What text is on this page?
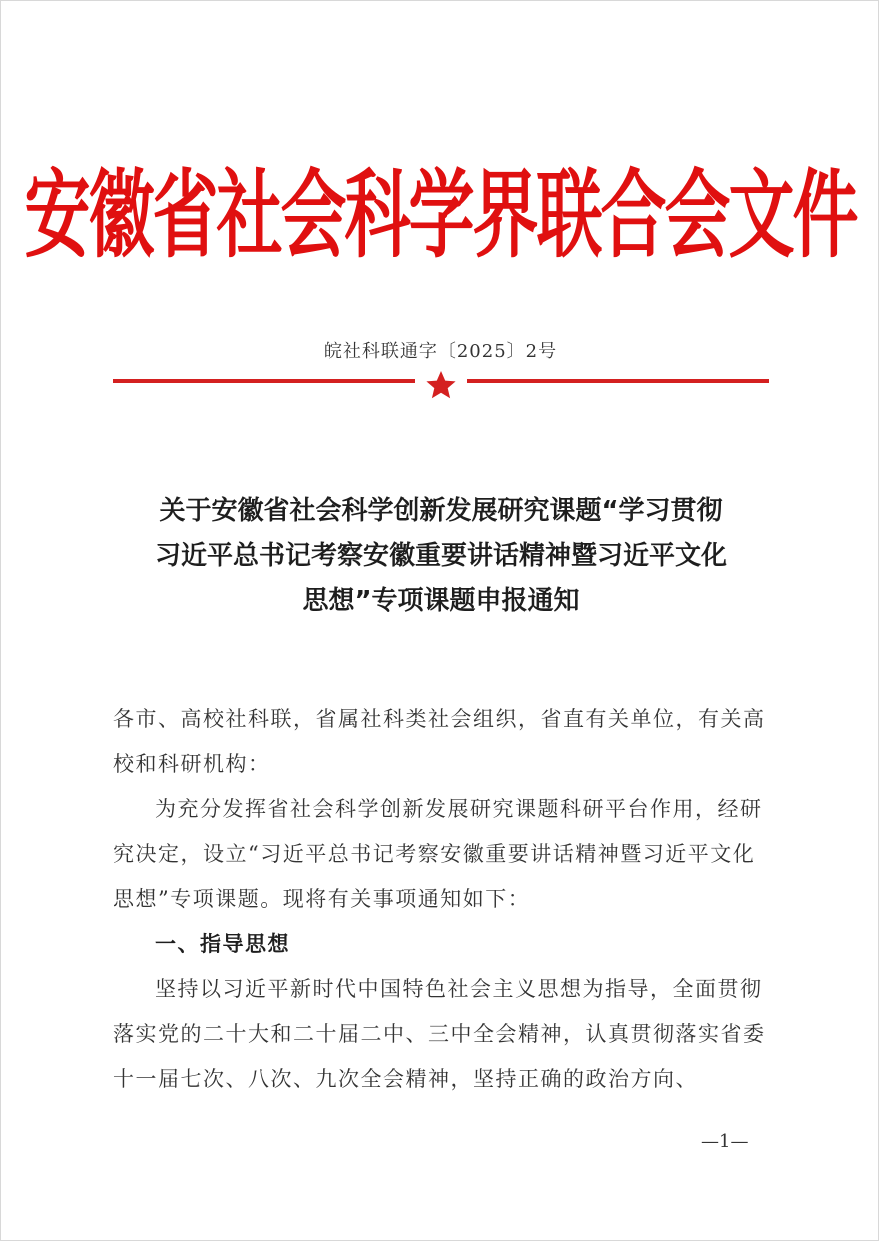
安徽省社会科学界联合会文件
皖社科联通字〔2025〕2号
关于安徽省社会科学创新发展研究课题“学习贯彻
习近平总书记考察安徽重要讲话精神暨习近平文化
思想”专项课题申报通知

各市、高校社科联，省属社科类社会组织，省直有关单位，有关高校和科研机构：

为充分发挥省社会科学创新发展研究课题科研平台作用，经研究决定，设立“习近平总书记考察安徽重要讲话精神暨习近平文化思想”专项课题。现将有关事项通知如下：

一、指导思想

坚持以习近平新时代中国特色社会主义思想为指导，全面贯彻落实党的二十大和二十届二中、三中全会精神，认真贯彻落实省委十一届七次、八次、九次全会精神，坚持正确的政治方向、

—1—
